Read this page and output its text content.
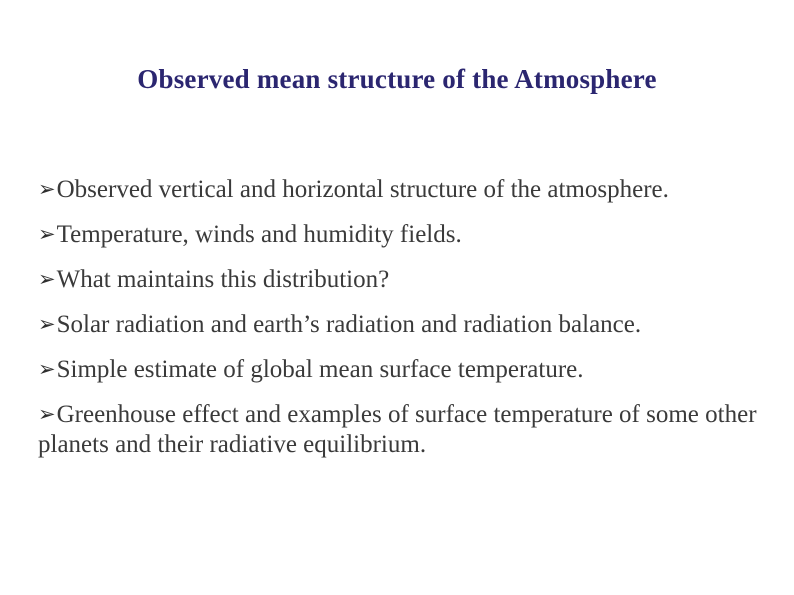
Observed mean structure of the Atmosphere
➢Observed vertical and horizontal structure of the atmosphere.
➢Temperature, winds and humidity fields.
➢What maintains this distribution?
➢Solar radiation and earth’s radiation and radiation balance.
➢Simple estimate of global mean surface temperature.
➢Greenhouse effect and examples of surface temperature of some other planets and their radiative equilibrium.
